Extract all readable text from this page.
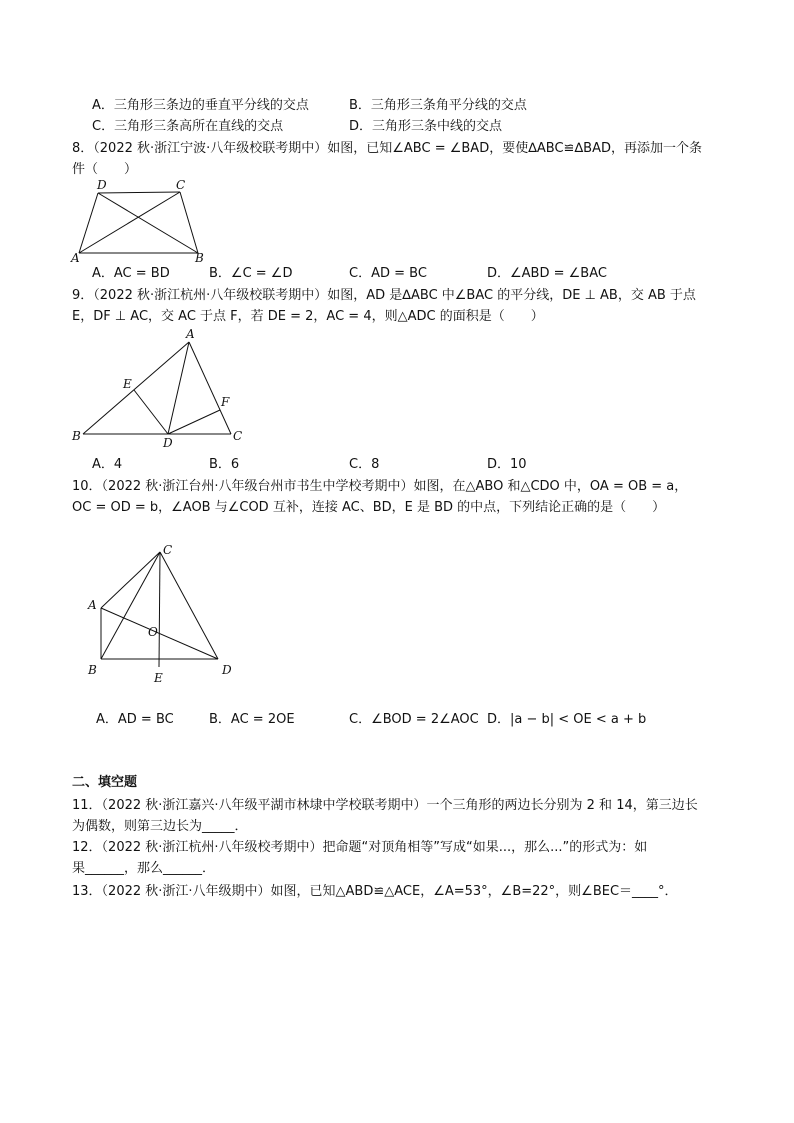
A．三角形三条边的垂直平分线的交点	B．三角形三条角平分线的交点
C．三角形三条高所在直线的交点	D．三角形三条中线的交点
8．（2022 秋·浙江宁波·八年级校联考期中）如图，已知∠ABC = ∠BAD，要使∆ABC≌∆BAD，再添加一个条
件（　　）
D	C
A	B
A．AC = BD	B．∠C = ∠D	C．AD = BC	D．∠ABD = ∠BAC
9．（2022 秋·浙江杭州·八年级校联考期中）如图，AD 是∆ABC 中∠BAC 的平分线，DE ⊥ AB，交 AB 于点
E，DF ⊥ AC，交 AC 于点 F，若 DE = 2，AC = 4，则△ADC 的面积是（　　）
A
E
F
B	D	C
A．4	B．6	C．8	D．10
10．（2022 秋·浙江台州·八年级台州市书生中学校考期中）如图，在△ABO 和△CDO 中，OA = OB = a，
OC = OD = b，∠AOB 与∠COD 互补，连接 AC、BD，E 是 BD 的中点，下列结论正确的是（　　）
C
A
O
B
E
D
A．AD = BC	B．AC = 2OE	C．∠BOD = 2∠AOC D．|a − b| < OE < a + b
二、填空题
11．（2022 秋·浙江嘉兴·八年级平湖市林埭中学校联考期中）一个三角形的两边长分别为 2 和 14，第三边长
为偶数，则第三边长为_____．
12．（2022 秋·浙江杭州·八年级校考期中）把命题“对顶角相等”写成“如果...，那么...”的形式为：如
果______，那么______．
13．（2022 秋·浙江·八年级期中）如图，已知△ABD≌△ACE，∠A=53°，∠B=22°，则∠BEC＝____°．
